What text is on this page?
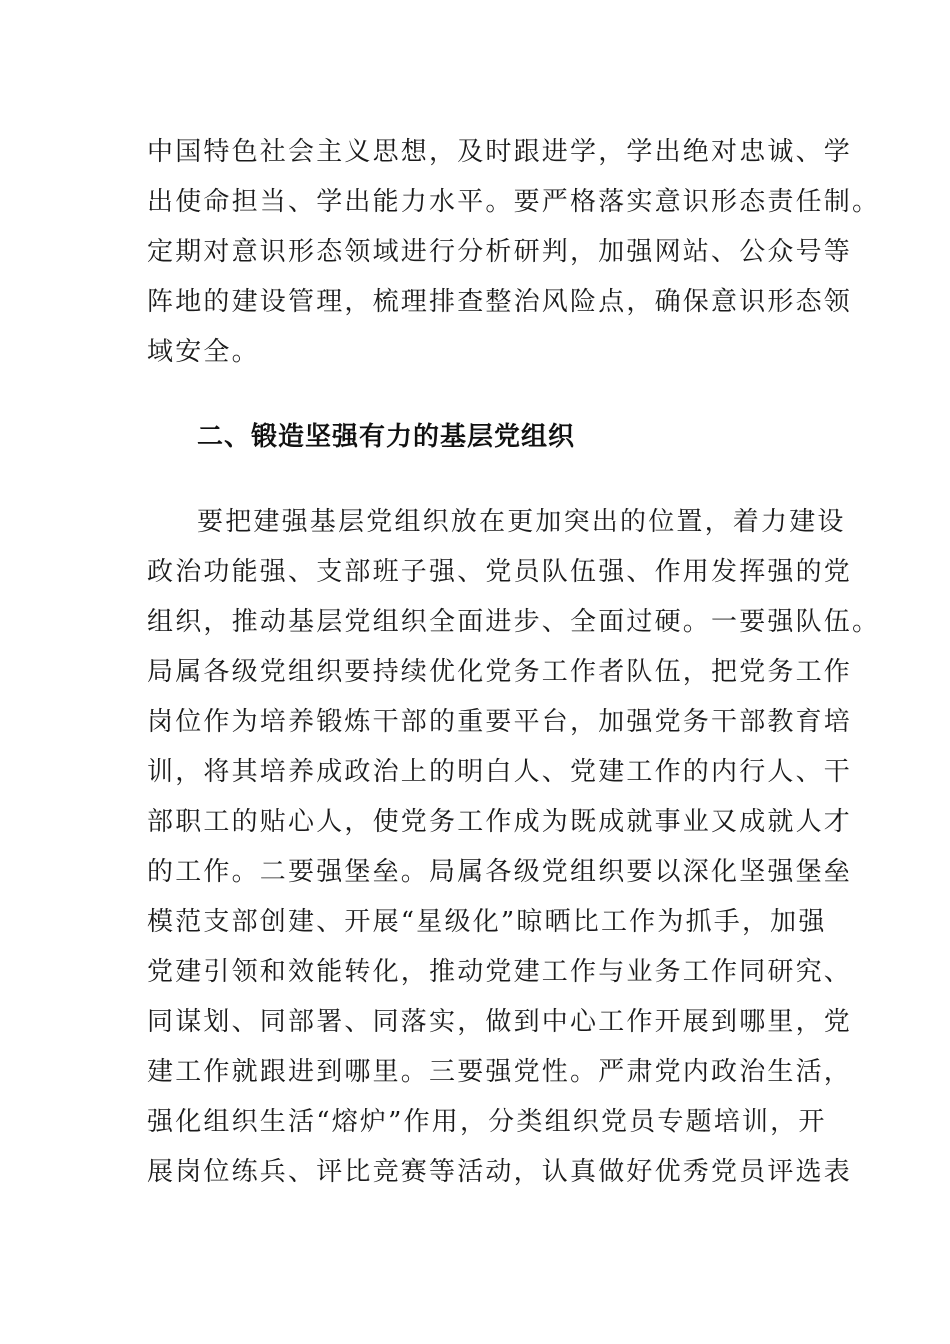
中国特色社会主义思想，及时跟进学，学出绝对忠诚、学
出使命担当、学出能力水平。要严格落实意识形态责任制。
定期对意识形态领域进行分析研判，加强网站、公众号等
阵地的建设管理，梳理排查整治风险点，确保意识形态领
域安全。
二、锻造坚强有力的基层党组织
要把建强基层党组织放在更加突出的位置，着力建设
政治功能强、支部班子强、党员队伍强、作用发挥强的党
组织，推动基层党组织全面进步、全面过硬。一要强队伍。
局属各级党组织要持续优化党务工作者队伍，把党务工作
岗位作为培养锻炼干部的重要平台，加强党务干部教育培
训，将其培养成政治上的明白人、党建工作的内行人、干
部职工的贴心人，使党务工作成为既成就事业又成就人才
的工作。二要强堡垒。局属各级党组织要以深化坚强堡垒
模范支部创建、开展“星级化”晾晒比工作为抓手，加强
党建引领和效能转化，推动党建工作与业务工作同研究、
同谋划、同部署、同落实，做到中心工作开展到哪里，党
建工作就跟进到哪里。三要强党性。严肃党内政治生活，
强化组织生活“熔炉”作用，分类组织党员专题培训，开
展岗位练兵、评比竞赛等活动，认真做好优秀党员评选表
